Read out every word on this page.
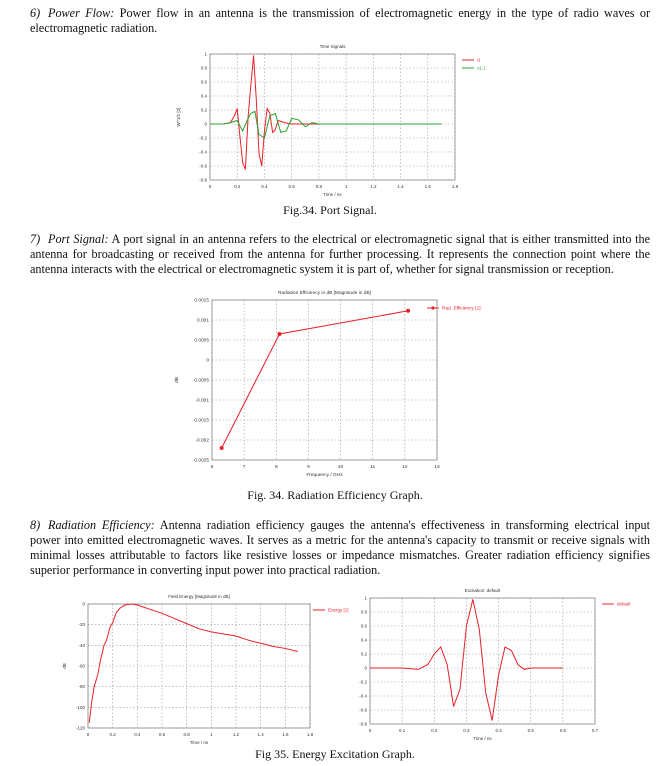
6) Power Flow: Power flow in an antenna is the transmission of electromagnetic energy in the type of radio waves or electromagnetic radiation.
Time Signals
0	0.2	0.4	0.6	0.8	1	1.2	1.4	1.6	1.8
1
0.8
0.6
0.4
0.2
0
-0.2
-0.4
-0.6
-0.8
Time / ns
W^1/2 [2]
i1
o1,1
Fig.34. Port Signal.
7) Port Signal: A port signal in an antenna refers to the electrical or electromagnetic signal that is either transmitted into the antenna for broadcasting or received from the antenna for further processing. It represents the connection point where the antenna interacts with the electrical or electromagnetic system it is part of, whether for signal transmission or reception.
Radiation Efficiency in dB [Magnitude in dB]
6	7	8	9	10	11	12	13
0.0015
0.001
0.0005
0
-0.0005
-0.001
-0.0015
-0.002
-0.0025
Frequency / GHz
dB
Rad. Efficiency [1]
Fig. 34. Radiation Efficiency Graph.
8) Radiation Efficiency: Antenna radiation efficiency gauges the antenna's effectiveness in transforming electrical input power into emitted electromagnetic waves. It serves as a metric for the antenna's capacity to transmit or receive signals with minimal losses attributable to factors like resistive losses or impedance mismatches. Greater radiation efficiency signifies superior performance in converting input power into practical radiation.
Field Energy [Magnitude in dB]
0	0.2	0.4	0.6	0.8	1	1.2	1.4	1.6	1.8
0
-20
-40
-60
-80
-100
-120
Time / ns
dB
Energy [1]
Excitation: default
0	0.1	0.2	0.3	0.4	0.5	0.6	0.7
1
0.8
0.6
0.4
0.2
0
-0.2
-0.4
-0.6
-0.8
Time / ns
default
Fig 35. Energy Excitation Graph.
